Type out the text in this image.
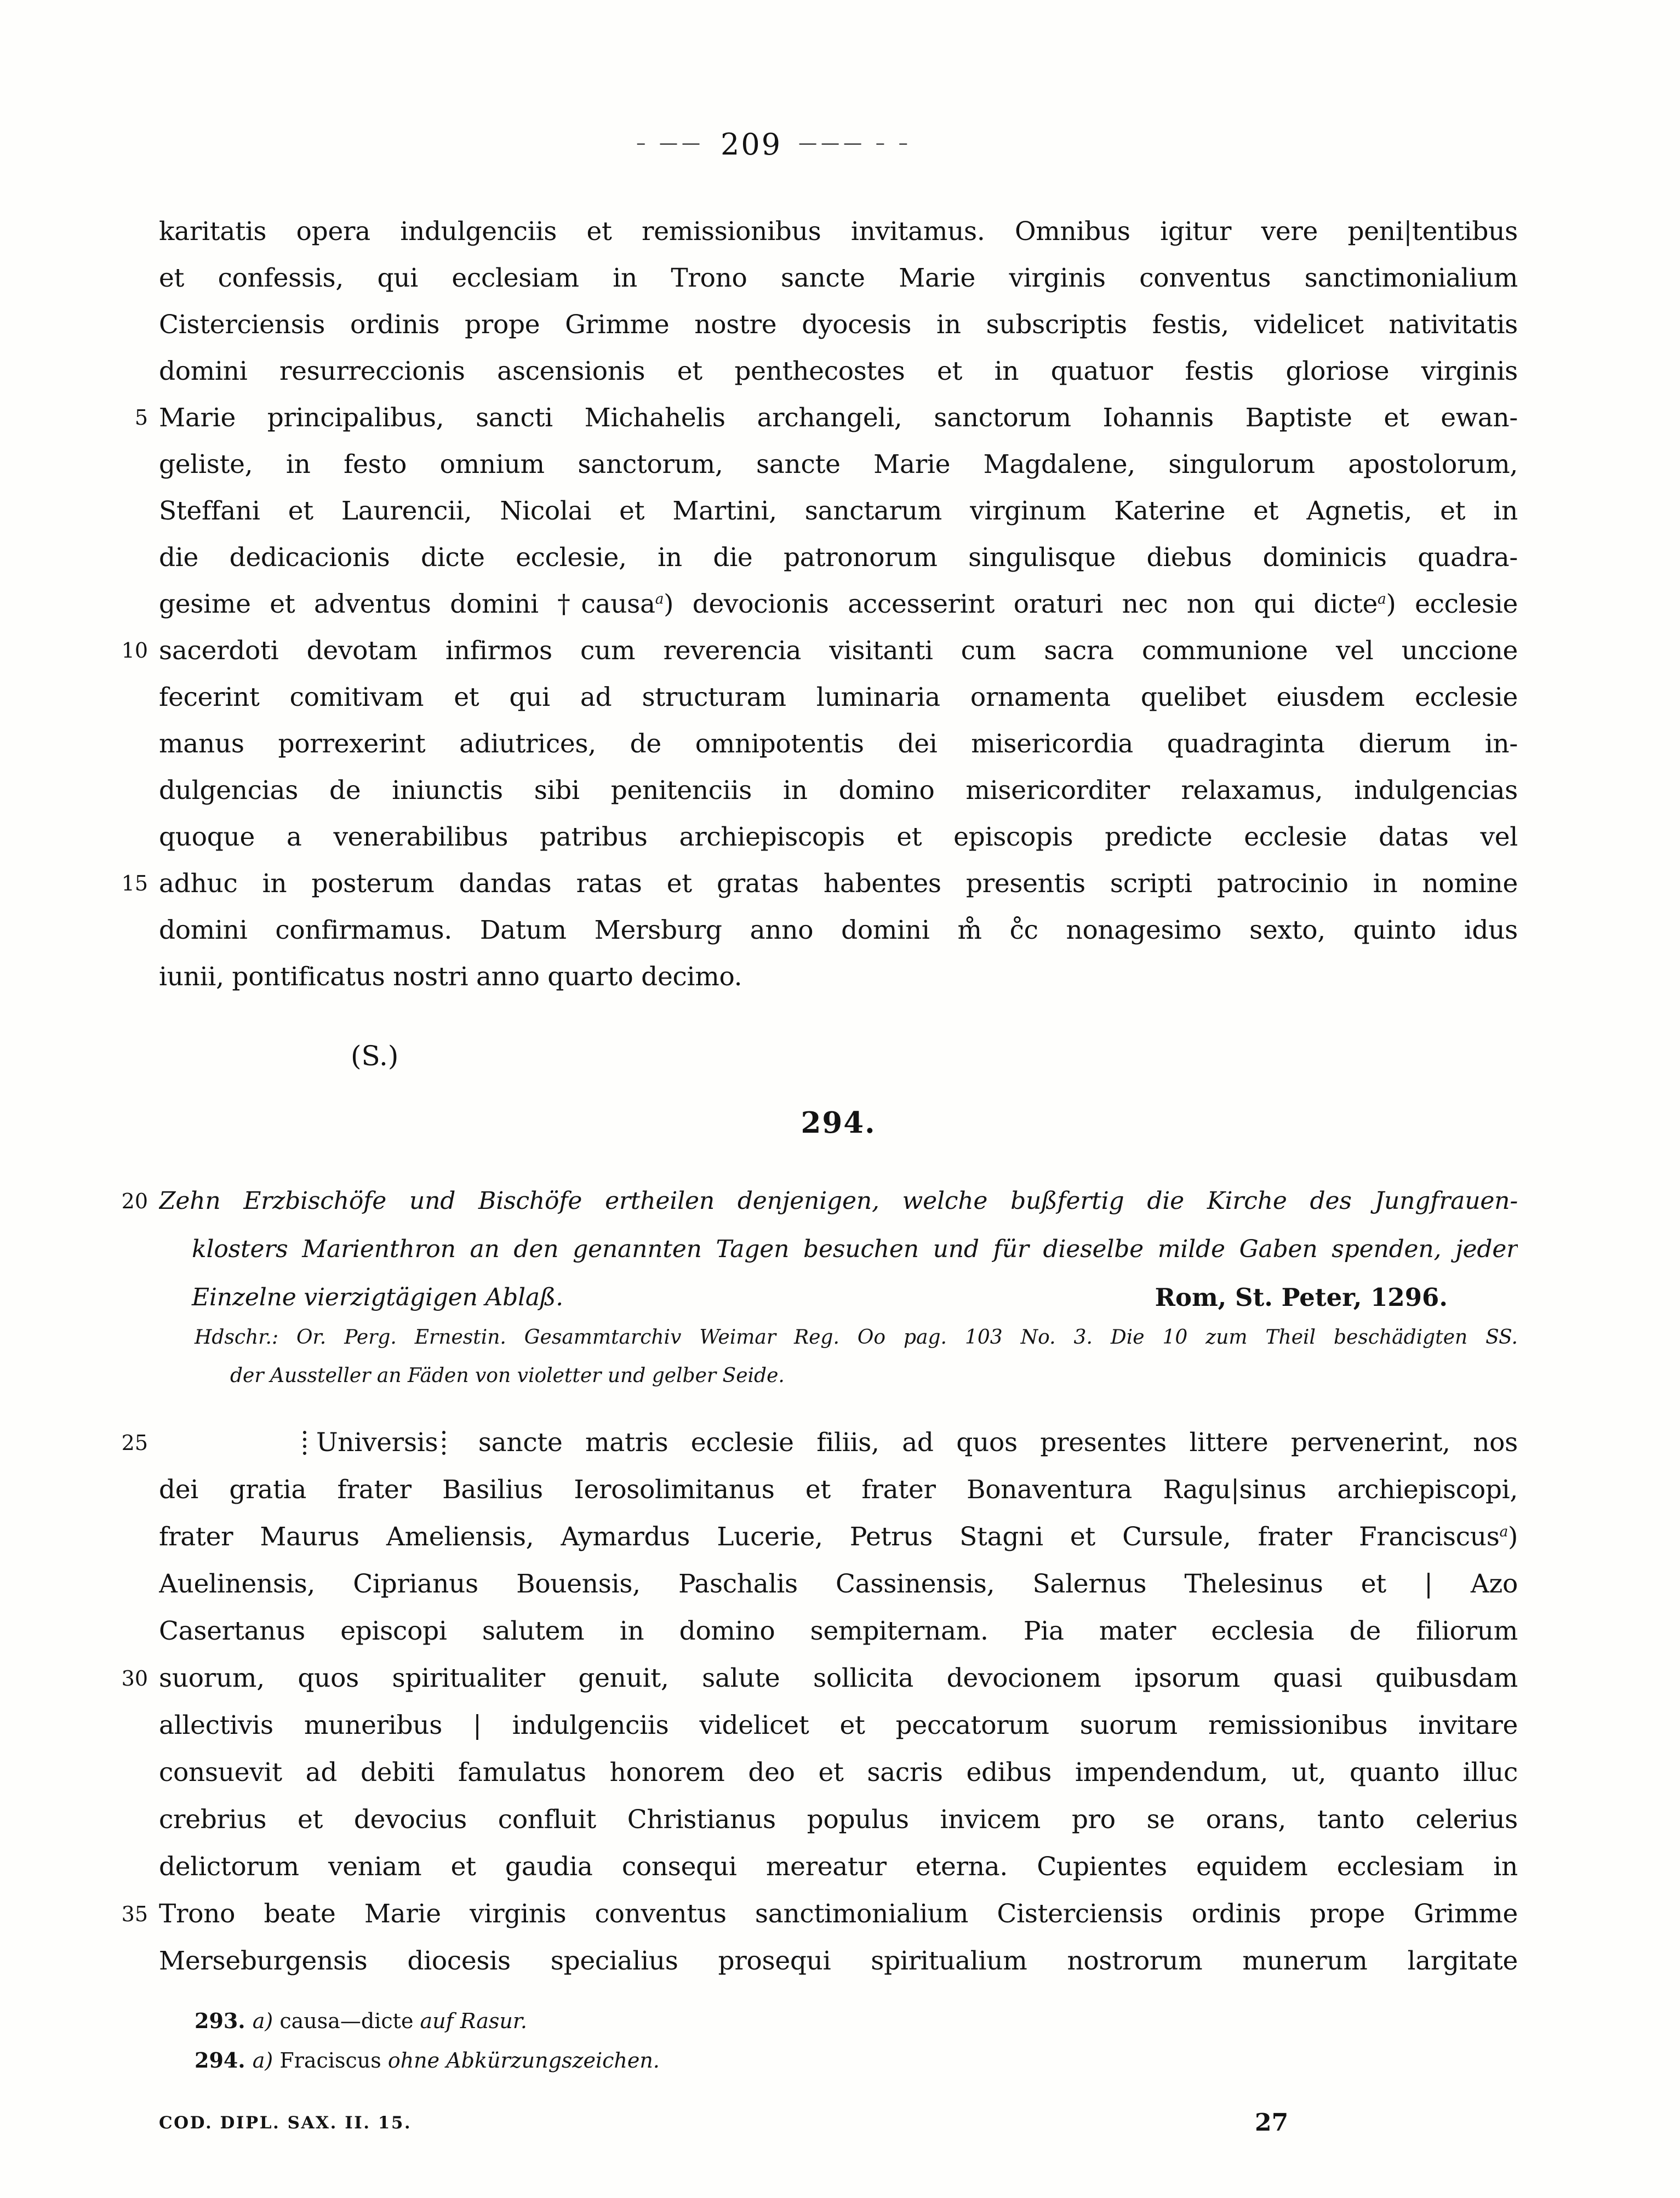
– —— 209 ——— – –
karitatis opera indulgenciis et remissionibus invitamus. Omnibus igitur vere peni|tentibus
et confessis, qui ecclesiam in Trono sancte Marie virginis conventus sanctimonialium
Cisterciensis ordinis prope Grimme nostre dyocesis in subscriptis festis, videlicet nativitatis
domini resurreccionis ascensionis et penthecostes et in quatuor festis gloriose virginis
5 Marie principalibus, sancti Michahelis archangeli, sanctorum Iohannis Baptiste et ewan-
geliste, in festo omnium sanctorum, sancte Marie Magdalene, singulorum apostolorum,
Steffani et Laurencii, Nicolai et Martini, sanctarum virginum Katerine et Agnetis, et in
die dedicacionis dicte ecclesie, in die patronorum singulisque diebus dominicis quadra-
gesime et adventus domini †causa$^a$) devocionis accesserint oraturi nec non qui dicte$^a$) ecclesie
10 sacerdoti devotam infirmos cum reverencia visitanti cum sacra communione vel unccione
fecerint comitivam et qui ad structuram luminaria ornamenta quelibet eiusdem ecclesie
manus porrexerint adiutrices, de omnipotentis dei misericordia quadraginta dierum in-
dulgencias de iniunctis sibi penitenciis in domino misericorditer relaxamus, indulgencias
quoque a venerabilibus patribus archiepiscopis et episcopis predicte ecclesie datas vel
15 adhuc in posterum dandas ratas et gratas habentes presentis scripti patrocinio in nomine
domini confirmamus. Datum Mersburg anno domini m̊ c̊c nonagesimo sexto, quinto idus
iunii, pontificatus nostri anno quarto decimo.
(S.)
294.
20 Zehn Erzbischöfe und Bischöfe ertheilen denjenigen, welche bußfertig die Kirche des Jungfrauen-
klosters Marienthron an den genannten Tagen besuchen und für dieselbe milde Gaben spenden, jeder
Einzelne vierzigtägigen Ablaß.	Rom, St. Peter, 1296.
Hdschr.: Or. Perg. Ernestin. Gesammtarchiv Weimar Reg. Oo pag. 103 No. 3. Die 10 zum Theil beschädigten SS.
der Aussteller an Fäden von violetter und gelber Seide.
25	Universis sancte matris ecclesie filiis, ad quos presentes littere pervenerint, nos
dei gratia frater Basilius Ierosolimitanus et frater Bonaventura Ragu|sinus archiepiscopi,
frater Maurus Ameliensis, Aymardus Lucerie, Petrus Stagni et Cursule, frater Franciscus$^a$)
Auelinensis, Ciprianus Bouensis, Paschalis Cassinensis, Salernus Thelesinus et | Azo
Casertanus episcopi salutem in domino sempiternam. Pia mater ecclesia de filiorum
30 suorum, quos spiritualiter genuit, salute sollicita devocionem ipsorum quasi quibusdam
allectivis muneribus | indulgenciis videlicet et peccatorum suorum remissionibus invitare
consuevit ad debiti famulatus honorem deo et sacris edibus impendendum, ut, quanto illuc
crebrius et devocius confluit Christianus populus invicem pro se orans, tanto celerius
delictorum veniam et gaudia consequi mereatur eterna. Cupientes equidem ecclesiam in
35 Trono beate Marie virginis conventus sanctimonialium Cisterciensis ordinis prope Grimme
Merseburgensis diocesis specialius prosequi spiritualium nostrorum munerum largitate
293. a) causa—dicte auf Rasur.
294. a) Fraciscus ohne Abkürzungszeichen.
COD. DIPL. SAX. II. 15.	27
